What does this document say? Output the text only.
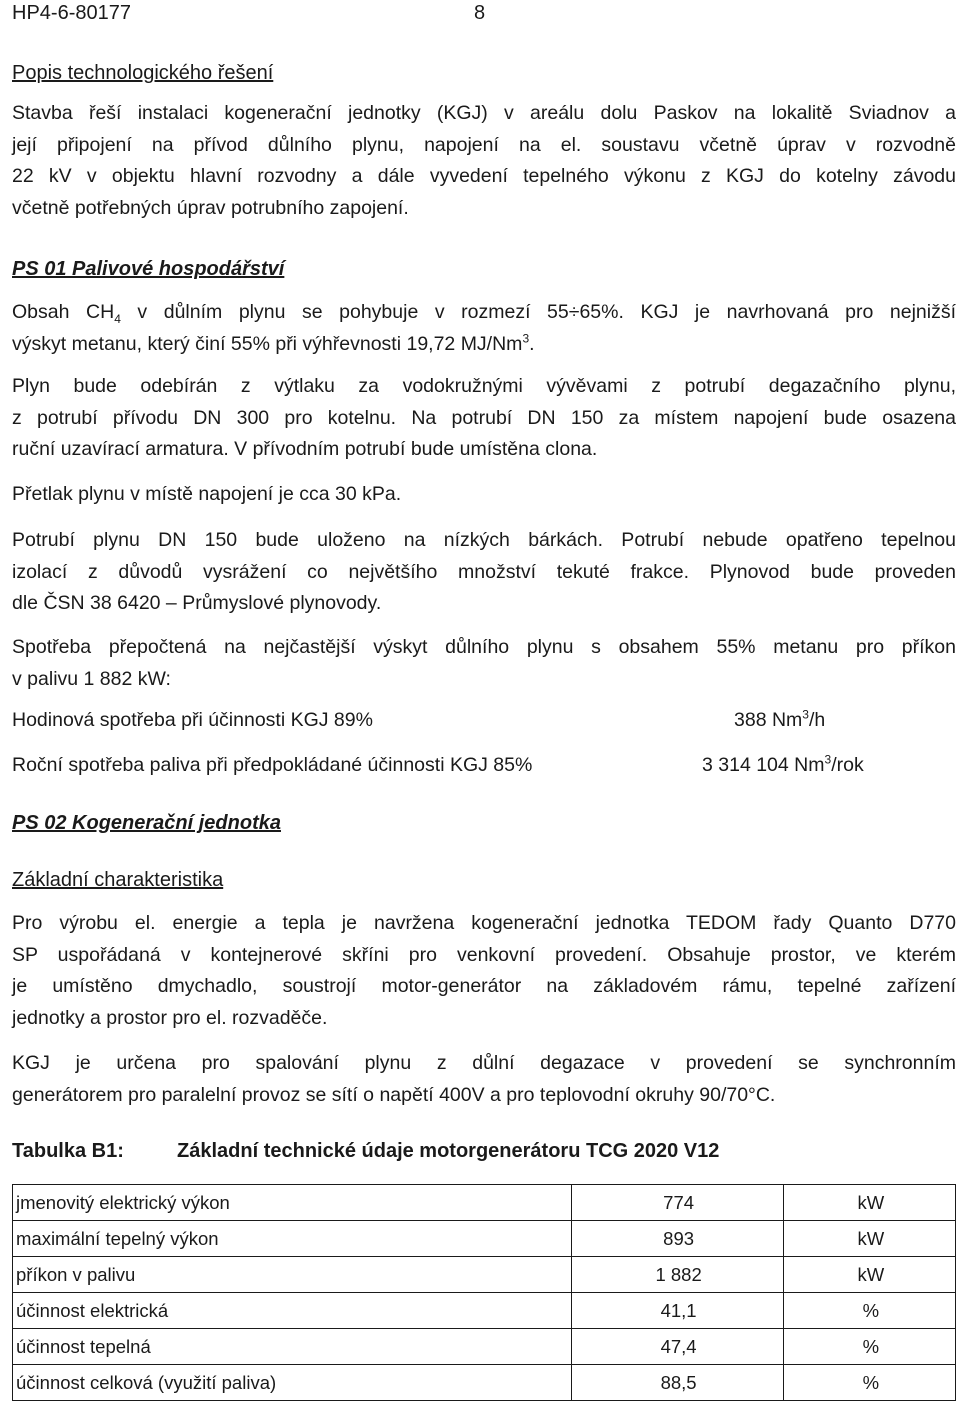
HP4-6-80177	8
Popis technologického řešení
Stavba řeší instalaci kogenerační jednotky (KGJ) v areálu dolu Paskov na lokalitě Sviadnov a
její připojení na přívod důlního plynu, napojení na el. soustavu včetně úprav v rozvodně
22 kV v objektu hlavní rozvodny a dále vyvedení tepelného výkonu z KGJ do kotelny závodu
včetně potřebných úprav potrubního zapojení.
PS 01 Palivové hospodářství
Obsah $CH_4$ v důlním plynu se pohybuje v rozmezí 55÷65%. KGJ je navrhovaná pro nejnižší
výskyt metanu, který činí 55% při výhřevnosti 19,72 MJ/Nm$^3$.
Plyn bude odebírán z výtlaku za vodokružnými vývěvami z potrubí degazačního plynu,
z potrubí přívodu DN 300 pro kotelnu. Na potrubí DN 150 za místem napojení bude osazena
ruční uzavírací armatura. V přívodním potrubí bude umístěna clona.
Přetlak plynu v místě napojení je cca 30 kPa.
Potrubí plynu DN 150 bude uloženo na nízkých bárkách. Potrubí nebude opatřeno tepelnou
izolací z důvodů vysrážení co největšího množství tekuté frakce. Plynovod bude proveden
dle ČSN 38 6420 – Průmyslové plynovody.
Spotřeba přepočtená na nejčastější výskyt důlního plynu s obsahem 55% metanu pro příkon
v palivu 1 882 kW:
Hodinová spotřeba při účinnosti KGJ 89%	388 Nm$^3$/h
Roční spotřeba paliva při předpokládané účinnosti KGJ 85%	3 314 104 Nm$^3$/rok
PS 02 Kogenerační jednotka
Základní charakteristika
Pro výrobu el. energie a tepla je navržena kogenerační jednotka TEDOM řady Quanto D770
SP uspořádaná v kontejnerové skříni pro venkovní provedení. Obsahuje prostor, ve kterém
je umístěno dmychadlo, soustrojí motor-generátor na základovém rámu, tepelné zařízení
jednotky a prostor pro el. rozvaděče.
KGJ je určena pro spalování plynu z důlní degazace v provedení se synchronním
generátorem pro paralelní provoz se sítí o napětí 400V a pro teplovodní okruhy 90/70°C.
Tabulka B1:	Základní technické údaje motorgenerátoru TCG 2020 V12
jmenovitý elektrický výkon	774	kW
maximální tepelný výkon	893	kW
příkon v palivu	1 882	kW
účinnost elektrická	41,1	%
účinnost tepelná	47,4	%
účinnost celková (využití paliva)	88,5	%
